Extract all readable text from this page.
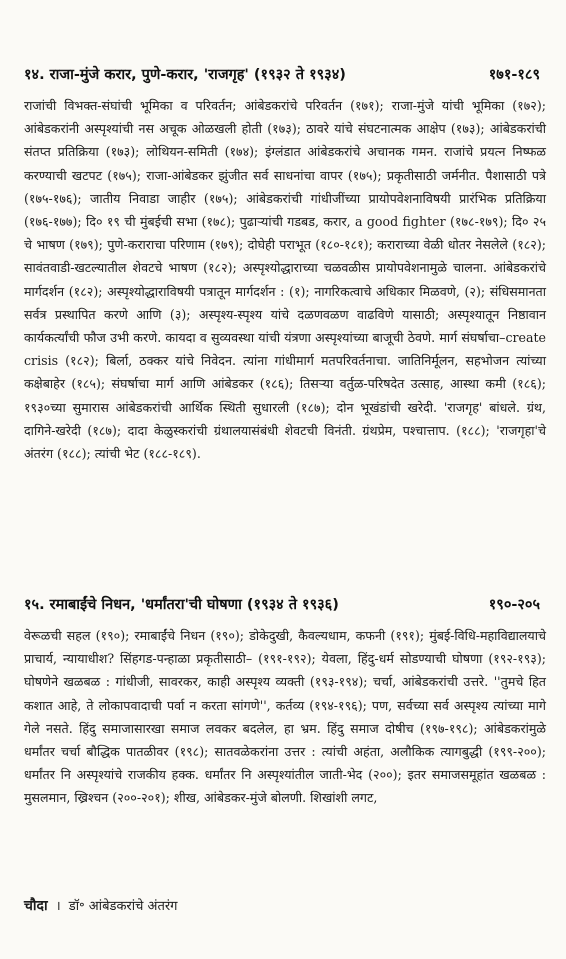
१४. राजा-मुंजे करार, पुणे-करार, 'राजगृह' (१९३२ ते १९३४)	१७१-१८९

राजांची विभक्त-संघांची भूमिका व परिवर्तन; आंबेडकरांचे परिवर्तन (१७१); राजा-मुंजे यांची भूमिका (१७२); आंबेडकरांनी अस्पृश्यांची नस अचूक ओळखली होती (१७३); ठावरे यांचे संघटनात्मक आक्षेप (१७३); आंबेडकरांची संतप्त प्रतिक्रिया (१७३); लोथियन-समिती (१७४); इंग्लंडात आंबेडकरांचे अचानक गमन. राजांचे प्रयत्न निष्फळ करण्याची खटपट (१७५); राजा-आंबेडकर झुंजीत सर्व साधनांचा वापर (१७५); प्रकृतीसाठी जर्मनीत. पैशासाठी पत्रे (१७५-१७६); जातीय निवाडा जाहीर (१७५); आंबेडकरांची गांधीजींच्या प्रायोपवेशनाविषयी प्रारंभिक प्रतिक्रिया (१७६-१७७); दि० १९ ची मुंबईची सभा (१७८); पुढाऱ्यांची गडबड, करार, a good fighter (१७८-१७९); दि० २५ चे भाषण (१७९); पुणे-कराराचा परिणाम (१७९); दोघेही पराभूत (१८०-१८१); कराराच्या वेळी धोतर नेसलेले (१८२); सावंतवाडी-खटल्यातील शेवटचे भाषण (१८२); अस्पृश्योद्धाराच्या चळवळीस प्रायोपवेशनामुळे चालना. आंबेडकरांचे मार्गदर्शन (१८२); अस्पृश्योद्धाराविषयी पत्रातून मार्गदर्शन : (१); नागरिकत्वाचे अधिकार मिळवणे, (२); संधिसमानता सर्वत्र प्रस्थापित करणे आणि (३); अस्पृश्य-स्पृश्य यांचे दळणवळण वाढविणे यासाठी; अस्पृश्यातून निष्ठावान कार्यकर्त्यांची फौज उभी करणे. कायदा व सुव्यवस्था यांची यंत्रणा अस्पृश्यांच्या बाजूची ठेवणे. मार्ग संघर्षाचा–create crisis (१८२); बिर्ला, ठक्कर यांचे निवेदन. त्यांना गांधीमार्ग मतपरिवर्तनाचा. जातिनिर्मूलन, सहभोजन त्यांच्या कक्षेबाहेर (१८५); संघर्षाचा मार्ग आणि आंबेडकर (१८६); तिसऱ्या वर्तुळ-परिषदेत उत्साह, आस्था कमी (१८६); १९३०च्या सुमारास आंबेडकरांची आर्थिक स्थिती सुधारली (१८७); दोन भूखंडांची खरेदी. 'राजगृह' बांधले. ग्रंथ, दागिने-खरेदी (१८७); दादा केळुस्करांची ग्रंथालयासंबंधी शेवटची विनंती. ग्रंथप्रेम, पश्चात्ताप. (१८८); 'राजगृहा'चे अंतरंग (१८८); त्यांची भेट (१८८-१८९).

१५. रमाबाईंचे निधन, 'धर्मांतरा'ची घोषणा (१९३४ ते १९३६)	१९०-२०५

वेरूळची सहल (१९०); रमाबाईंचे निधन (१९०); डोकेदुखी, कैवल्यधाम, कफनी (१९१); मुंबई-विधि-महाविद्यालयाचे प्राचार्य, न्यायाधीश? सिंहगड-पन्हाळा प्रकृतीसाठी– (१९१-१९२); येवला, हिंदु-धर्म सोडण्याची घोषणा (१९२-१९३); घोषणेने खळबळ : गांधीजी, सावरकर, काही अस्पृश्य व्यक्ती (१९३-१९४); चर्चा, आंबेडकरांची उत्तरे. ''तुमचे हित कशात आहे, ते लोकापवादाची पर्वा न करता सांगणे'', कर्तव्य (१९४-१९६); पण, सर्वच्या सर्व अस्पृश्य त्यांच्या मागे गेले नसते. हिंदु समाजासारखा समाज लवकर बदलेल, हा भ्रम. हिंदु समाज दोषीच (१९७-१९८); आंबेडकरांमुळे धर्मांतर चर्चा बौद्धिक पातळीवर (१९८); सातवळेकरांना उत्तर : त्यांची अहंता, अलौकिक त्यागबुद्धी (१९९-२००); धर्मांतर नि अस्पृश्यांचे राजकीय हक्क. धर्मांतर नि अस्पृश्यांतील जाती-भेद (२००); इतर समाजसमूहांत खळबळ : मुसलमान, ख्रिश्चन (२००-२०१); शीख, आंबेडकर-मुंजे बोलणी. शिखांशी लगट,

चौदा । डॉ॰ आंबेडकरांचे अंतरंग
